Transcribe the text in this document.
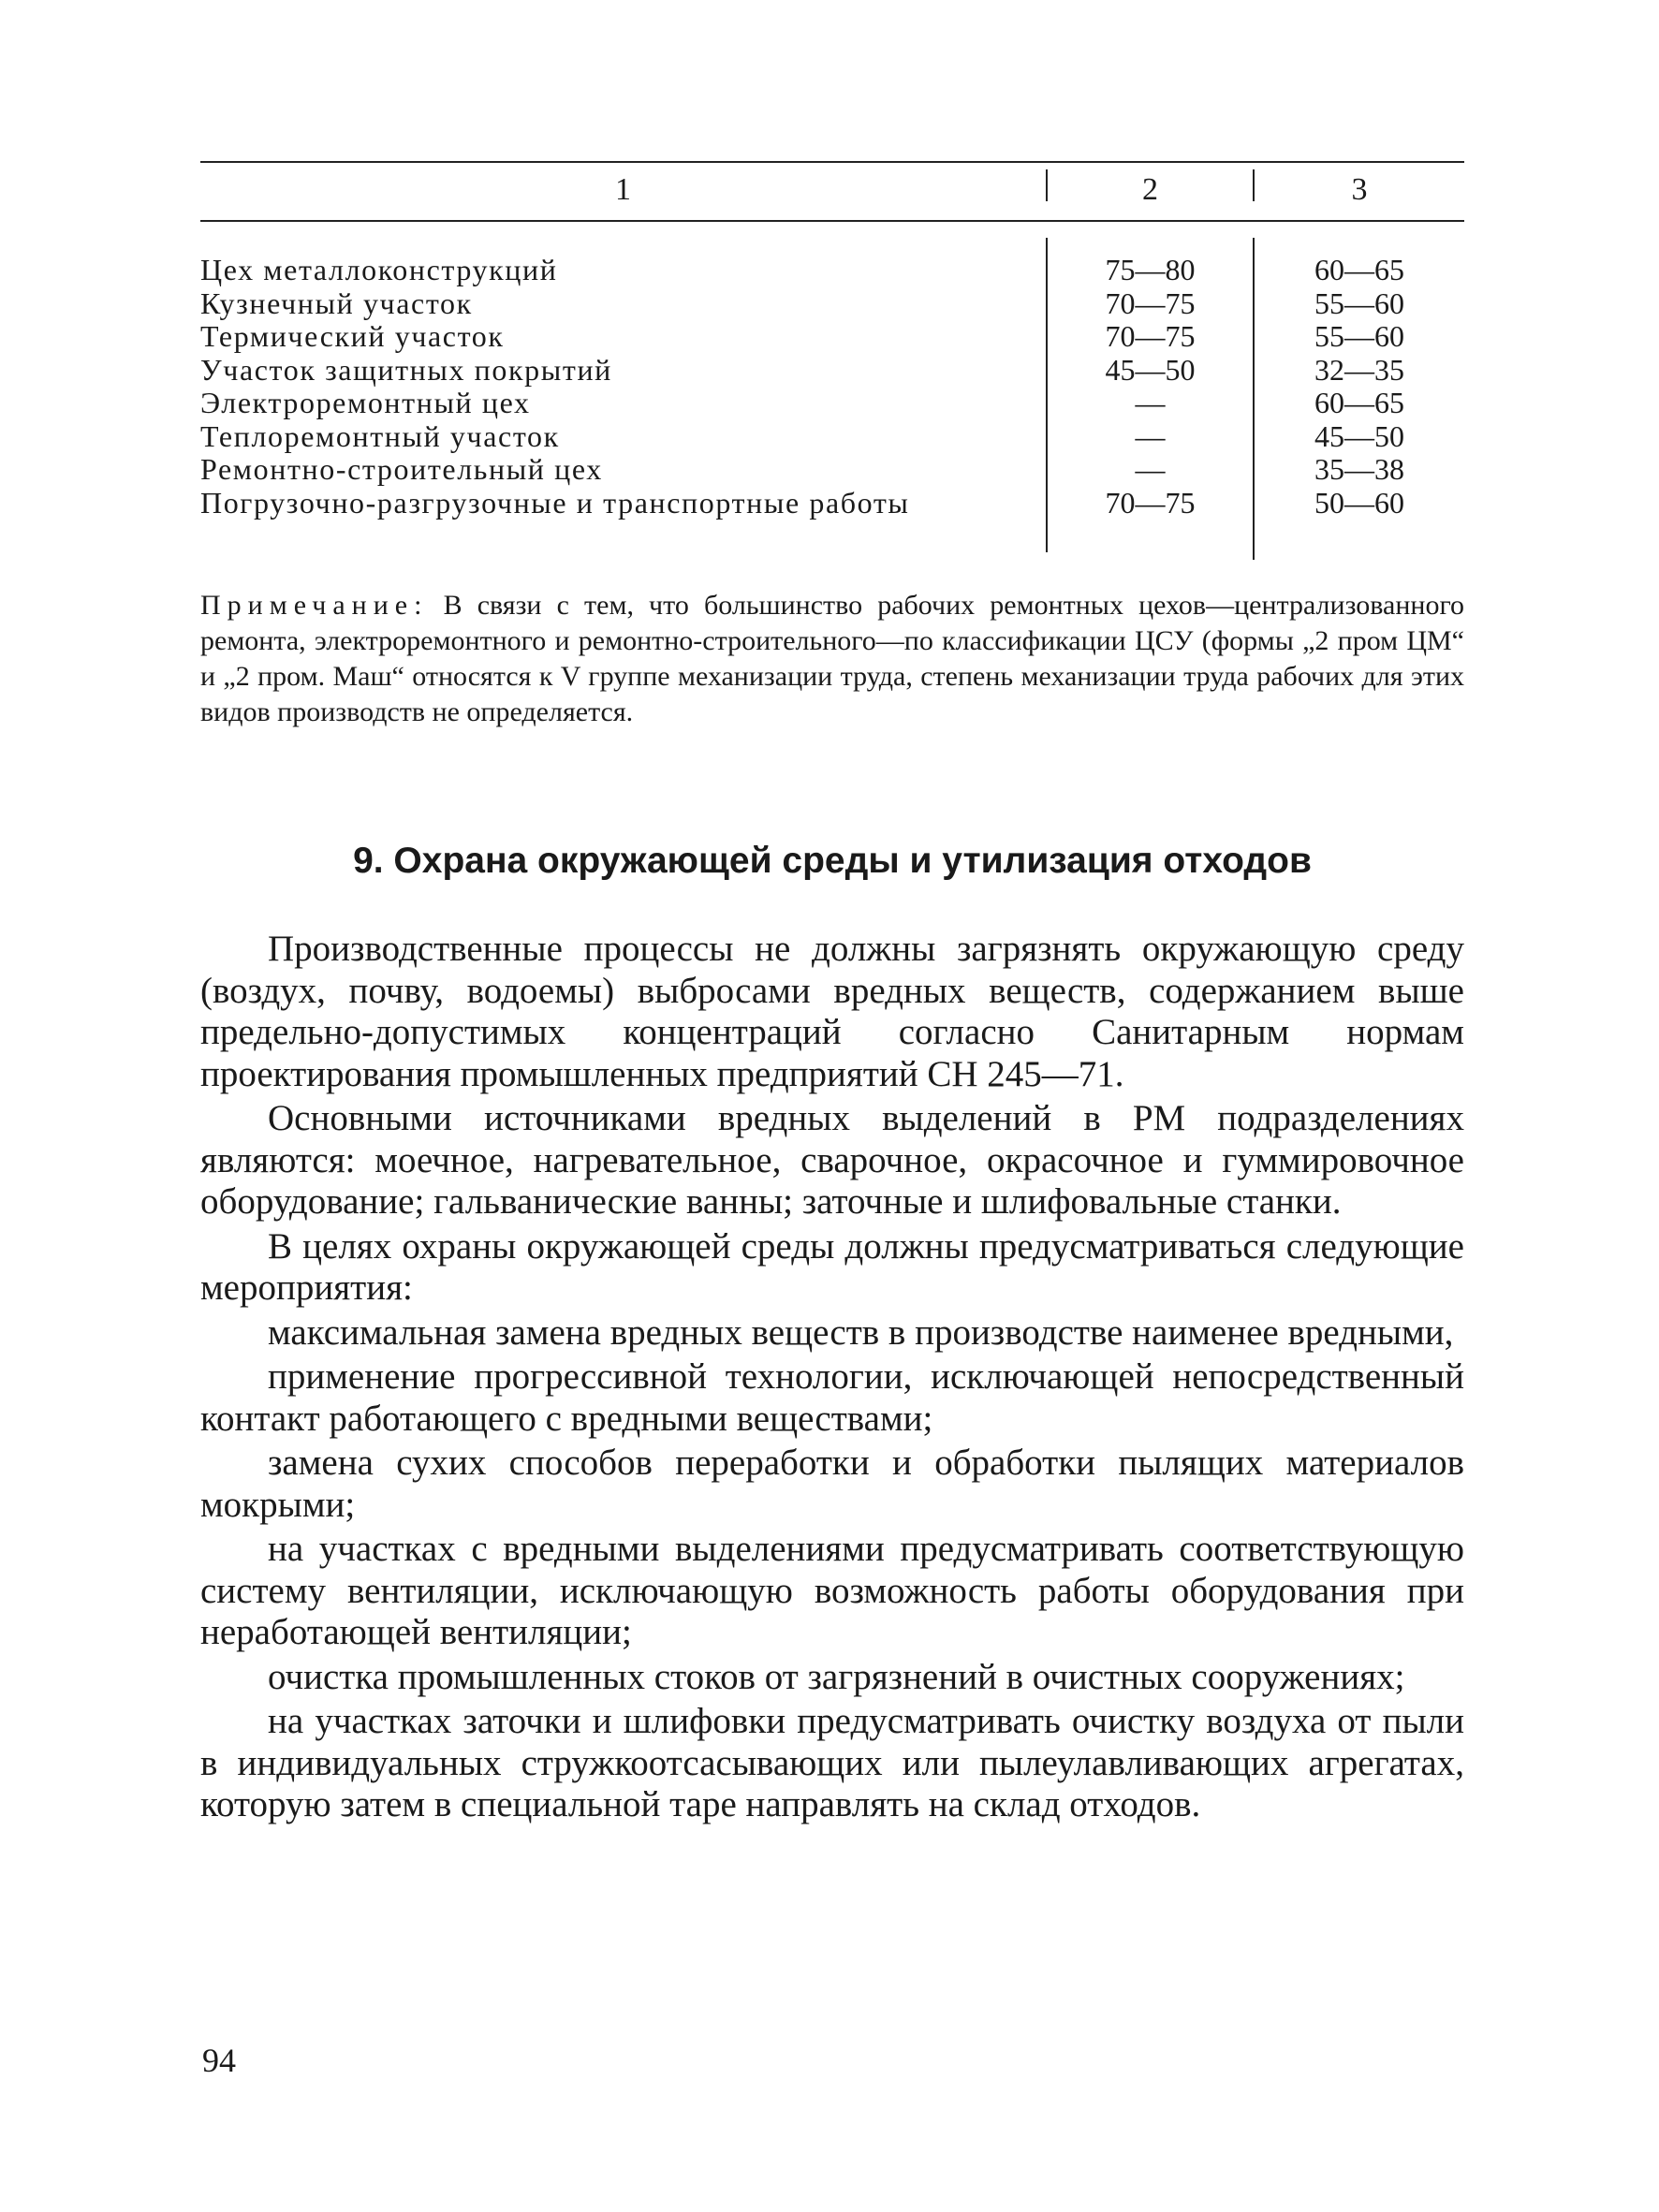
1	2	3
Цех металлоконструкций	75—80	60—65
Кузнечный участок	70—75	55—60
Термический участок	70—75	55—60
Участок защитных покрытий	45—50	32—35
Электроремонтный цех	—	60—65
Теплоремонтный участок	—	45—50
Ремонтно-строительный цех	—	35—38
Погрузочно-разгрузочные и транспортные работы	70—75	50—60
Примечание: В связи с тем, что большинство рабочих ремонтных цехов—централизованного ремонта, электроремонтного и ремонтно-строительного—по классификации ЦСУ (формы „2 пром ЦМ“ и „2 пром. Маш“ относятся к V группе механизации труда, степень механизации труда рабочих для этих видов производств не определяется.
9. Охрана окружающей среды и утилизация отходов

Производственные процессы не должны загрязнять окружающую среду (воздух, почву, водоемы) выбросами вредных веществ, содержанием выше предельно-допустимых концентраций согласно Санитарным нормам проектирования промышленных предприятий СН 245—71.

Основными источниками вредных выделений в РМ подразделениях являются: моечное, нагревательное, сварочное, окрасочное и гуммировочное оборудование; гальванические ванны; заточные и шлифовальные станки.

В целях охраны окружающей среды должны предусматриваться следующие мероприятия:

максимальная замена вредных веществ в производстве наименее вредными,

применение прогрессивной технологии, исключающей непосредственный контакт работающего с вредными веществами;

замена сухих способов переработки и обработки пылящих материалов мокрыми;

на участках с вредными выделениями предусматривать соответствующую систему вентиляции, исключающую возможность работы оборудования при неработающей вентиляции;

очистка промышленных стоков от загрязнений в очистных сооружениях;

на участках заточки и шлифовки предусматривать очистку воздуха от пыли в индивидуальных стружкоотсасывающих или пылеулавливающих агрегатах, которую затем в специальной таре направлять на склад отходов.

94
